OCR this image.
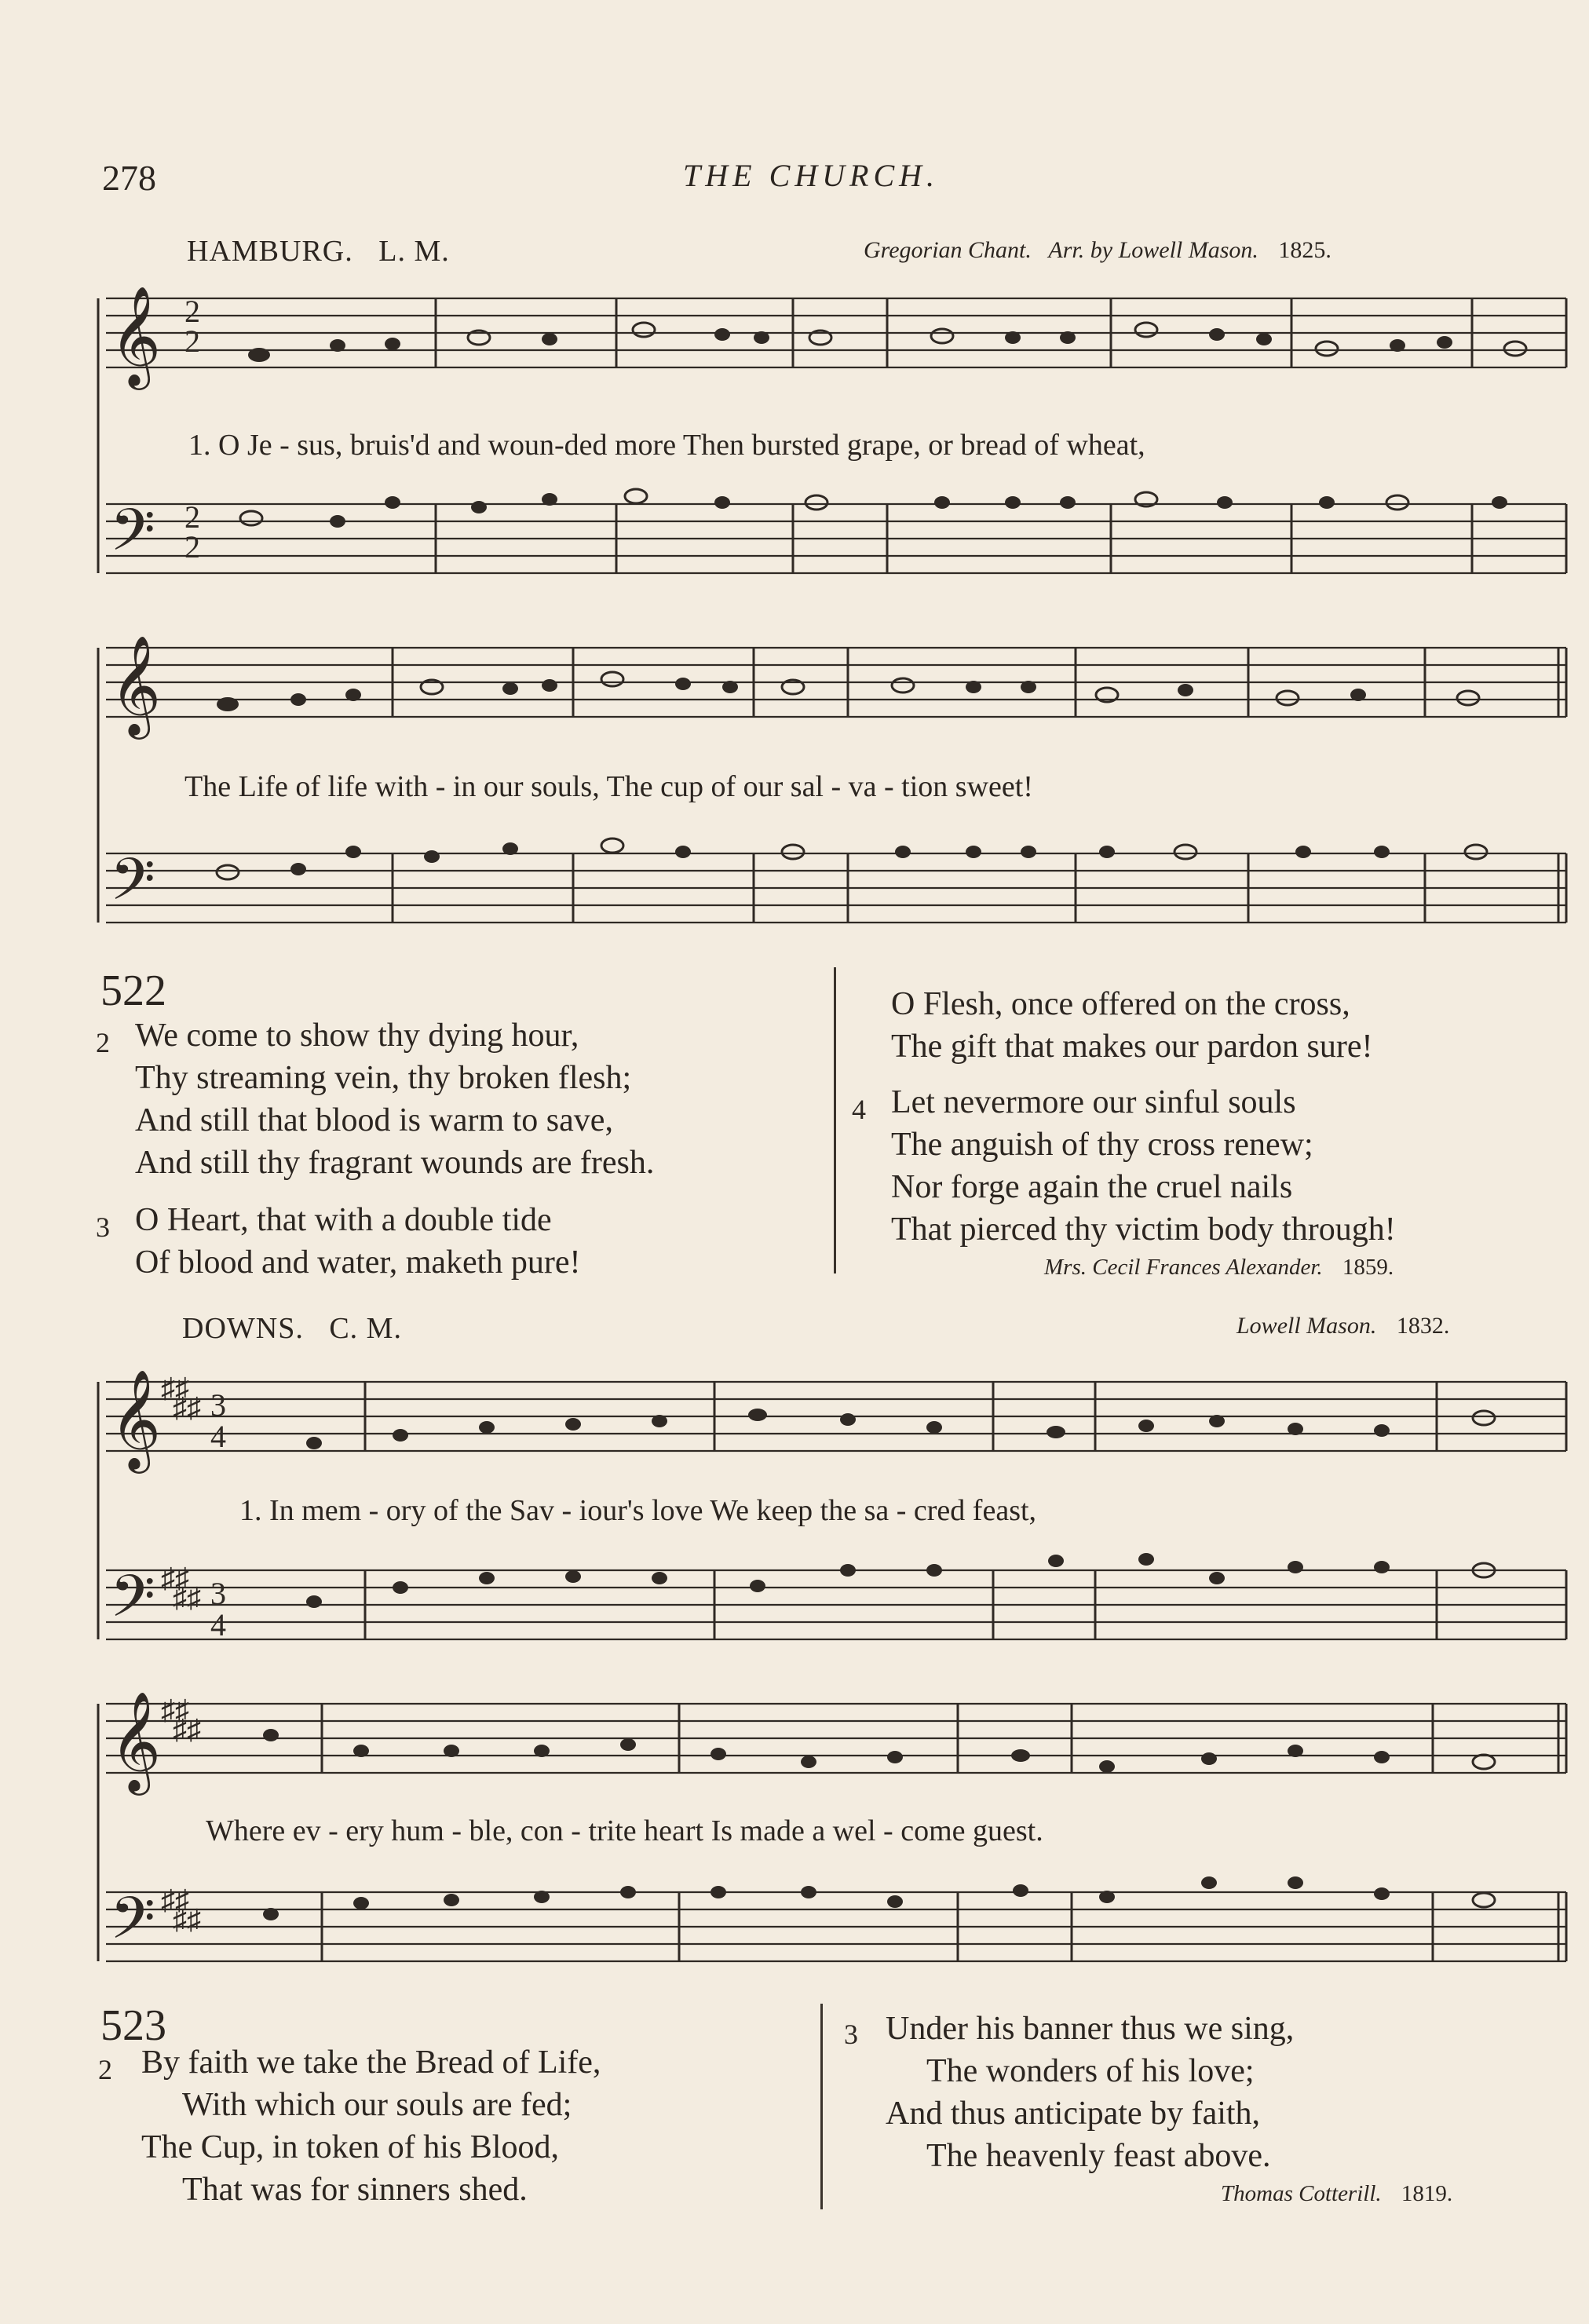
278	THE CHURCH.
HAMBURG. L. M.	Gregorian Chant. Arr. by Lowell Mason. 1825.
𝄞
𝄢
2
2
2
2
1. O Je - sus, bruis'd and woun-ded more Then bursted grape, or bread of wheat,
𝄞
𝄢
The Life of life with - in our souls, The cup of our sal - va - tion sweet!
522
2 We come to show thy dying hour,
Thy streaming vein, thy broken flesh;
And still that blood is warm to save,
And still thy fragrant wounds are fresh.
3 O Heart, that with a double tide
Of blood and water, maketh pure!
O Flesh, once offered on the cross,
The gift that makes our pardon sure!
4 Let nevermore our sinful souls
The anguish of thy cross renew;
Nor forge again the cruel nails
That pierced thy victim body through!
Mrs. Cecil Frances Alexander. 1859.
DOWNS. C. M.	Lowell Mason. 1832.
𝄞
𝄢
♯♯
♯♯
♯♯
♯♯
3
4
3
4
1. In mem - ory of the Sav - iour's love We keep the sa - cred feast,
𝄞
𝄢
♯♯
♯♯
♯♯
♯♯
Where ev - ery hum - ble, con - trite heart Is made a wel - come guest.
523
2 By faith we take the Bread of Life,
With which our souls are fed;
The Cup, in token of his Blood,
That was for sinners shed.
3 Under his banner thus we sing,
The wonders of his love;
And thus anticipate by faith,
The heavenly feast above.
Thomas Cotterill. 1819.
